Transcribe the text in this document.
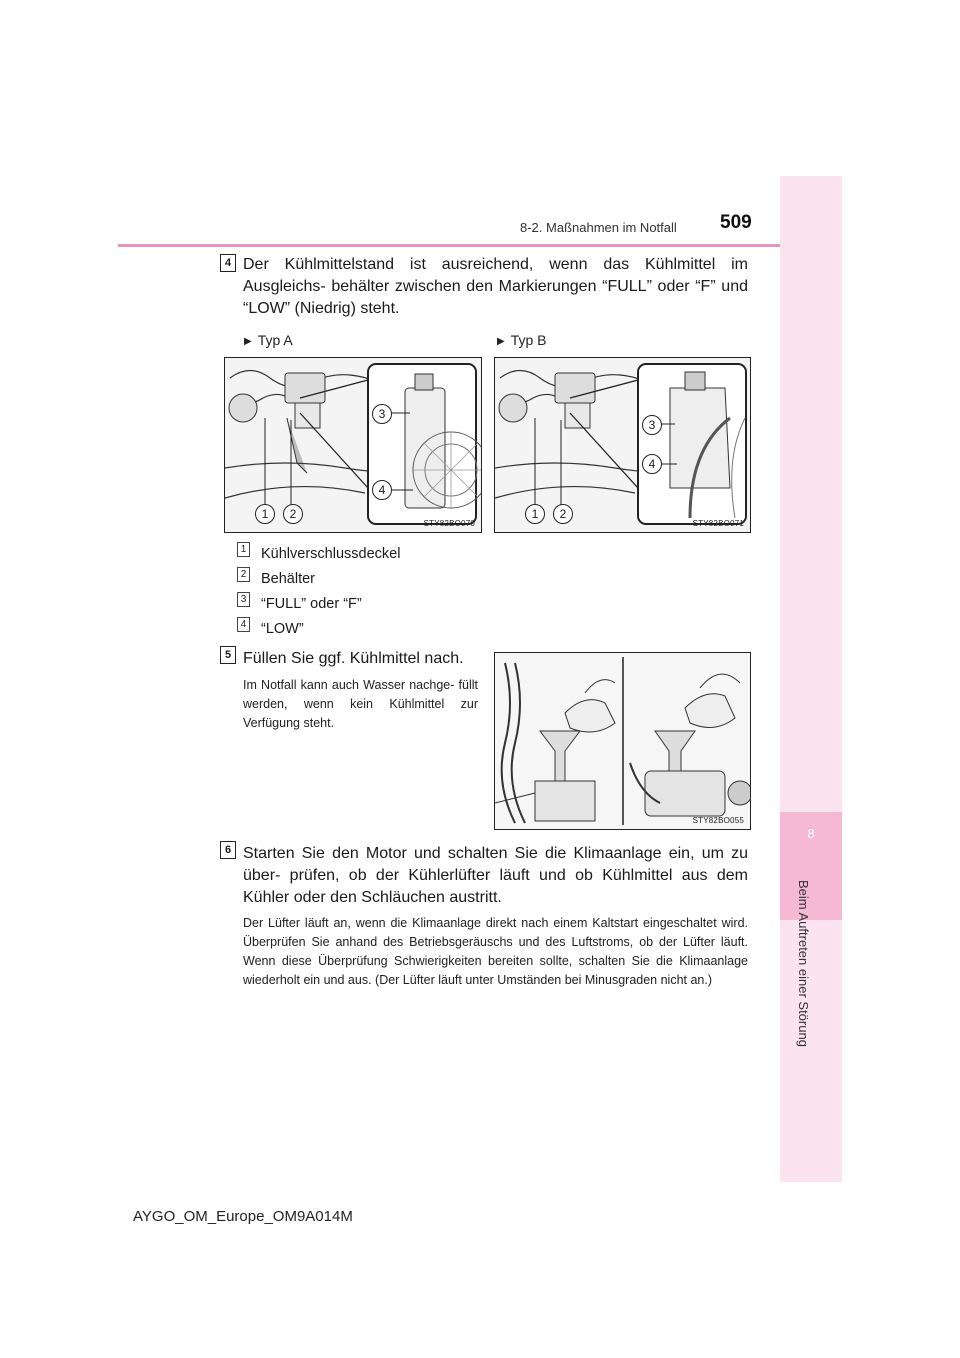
8
Beim Auftreten einer Störung
8-2. Maßnahmen im Notfall 509
4 Der Kühlmittelstand ist ausreichend, wenn das Kühlmittel im Ausgleichs- behälter zwischen den Markierungen “FULL” oder “F” und “LOW” (Niedrig) steht.
▶ Typ A	▶ Typ B
1	2
3
4
STY82BO070
1	2
3
4
STY82BO071
1 Kühlverschlussdeckel
2 Behälter
3 “FULL” oder “F”
4 “LOW”
5 Füllen Sie ggf. Kühlmittel nach.
Im Notfall kann auch Wasser nachge- füllt werden, wenn kein Kühlmittel zur Verfügung steht.
STY82BO055
6 Starten Sie den Motor und schalten Sie die Klimaanlage ein, um zu über- prüfen, ob der Kühlerlüfter läuft und ob Kühlmittel aus dem Kühler oder den Schläuchen austritt.
Der Lüfter läuft an, wenn die Klimaanlage direkt nach einem Kaltstart eingeschaltet wird. Überprüfen Sie anhand des Betriebsgeräuschs und des Luftstroms, ob der Lüfter läuft. Wenn diese Überprüfung Schwierigkeiten bereiten sollte, schalten Sie die Klimaanlage wiederholt ein und aus. (Der Lüfter läuft unter Umständen bei Minusgraden nicht an.)
AYGO_OM_Europe_OM9A014M
